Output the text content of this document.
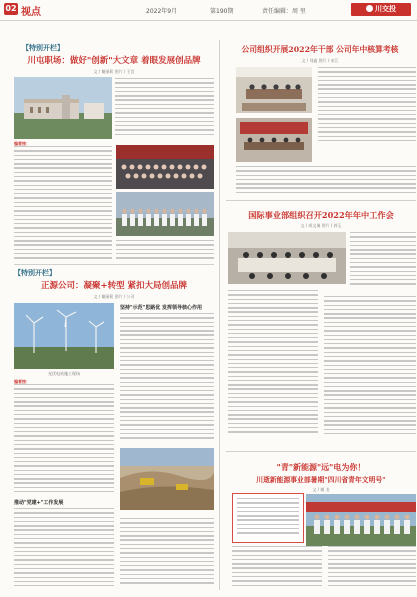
02 视点	2022年9月	第190期	责任编辑：周 里	川交投
【特别开栏】
川屯职场：做好"创新"大文章 着眼发展创品牌
文 / 谢丽莉 图片 / 王宫
编者按：
【特别开栏】
正源公司：凝聚+转型 紧扣大局创品牌
文 / 谢丽莉 图片 / 公司
光伏电站施工现场
坚持"示范"思路优 发挥领导核心作用
编者按：
推动"党建+"工作发展
公司组织开展2022年干部 公司年中核算考核
文 / 刘鑫 图片 / 宋江
国际事业部组织召开2022年年中工作会
文 / 胡文瑞 图片 / 郭玉
"青"新能源"远"电为你！
川逝新能源事业部暑期"四川省青年文明号"
文 / 谢 龙
